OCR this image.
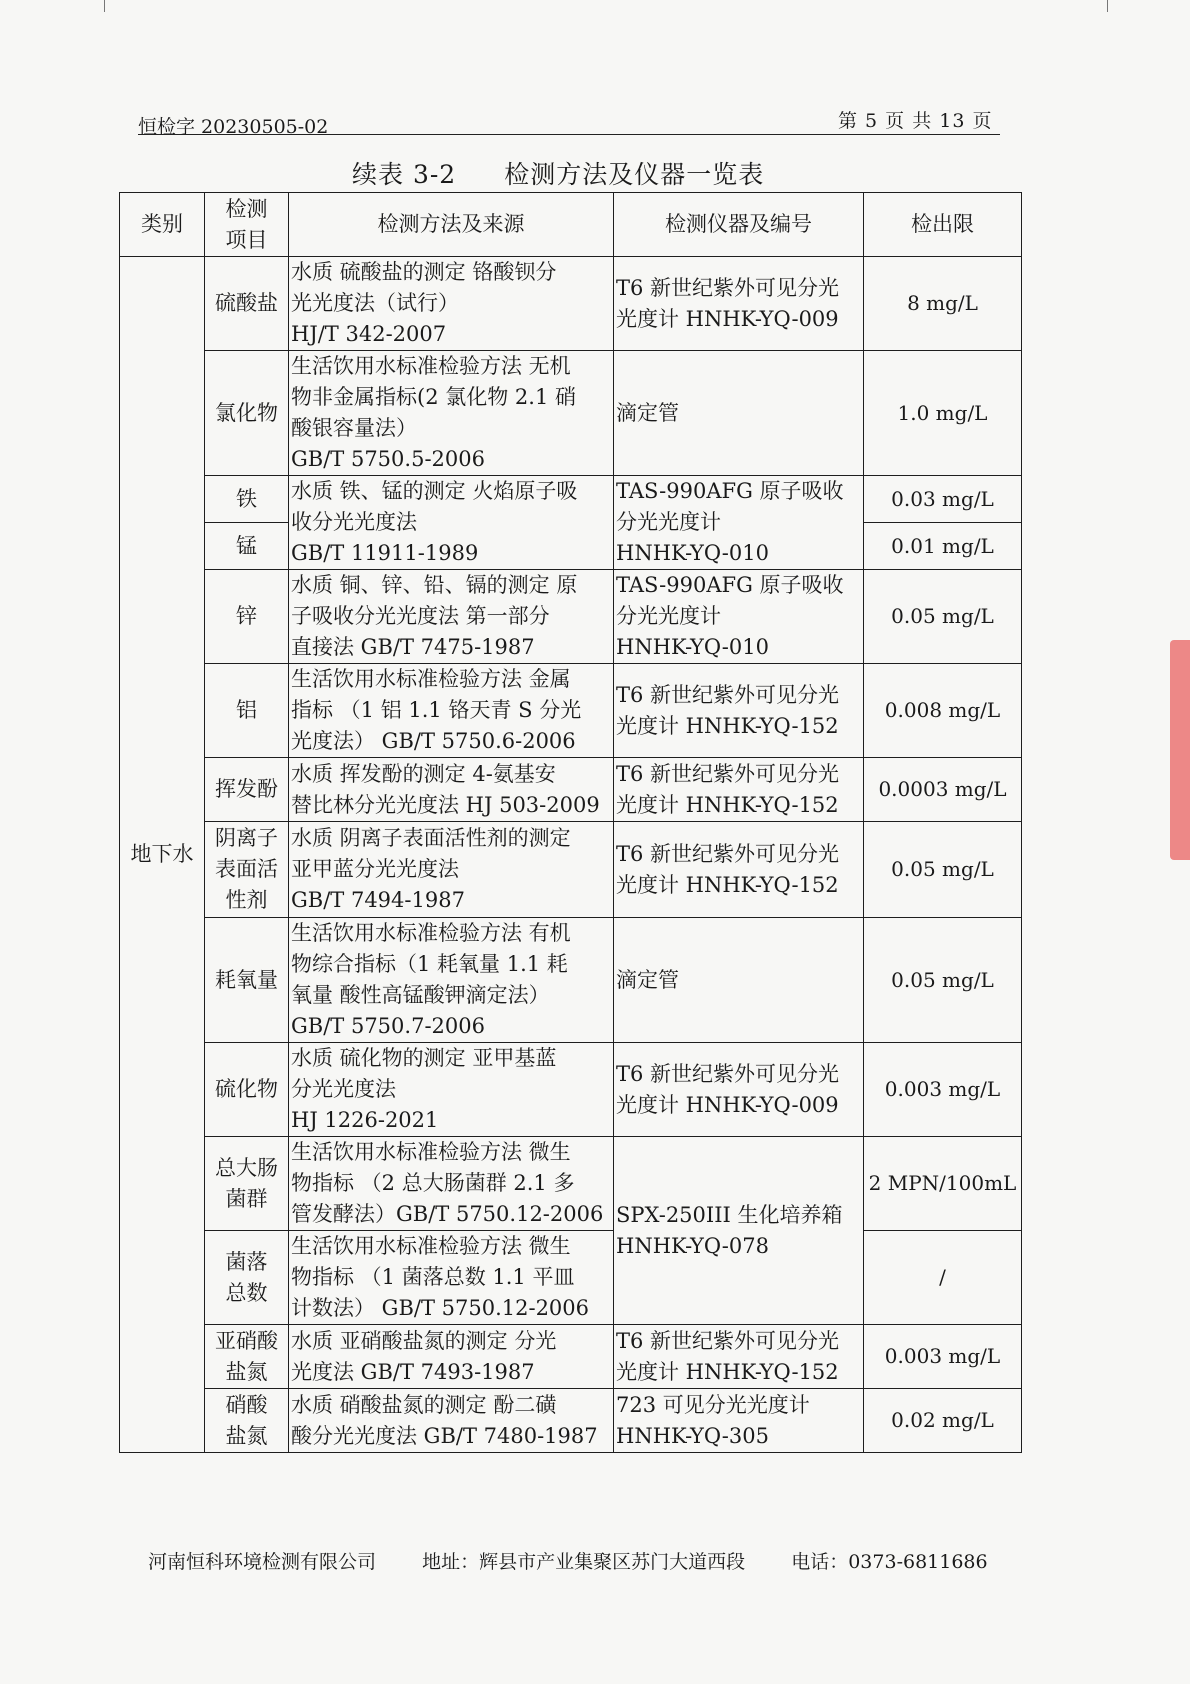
恒检字 20230505-02	第 5 页 共 13 页
续表 3-2 检测方法及仪器一览表
类别	检测
项目	检测方法及来源	检测仪器及编号	检出限
地下水	硫酸盐	水质 硫酸盐的测定 铬酸钡分
光光度法（试行）
HJ/T 342-2007	T6 新世纪紫外可见分光
光度计 HNHK-YQ-009	8 mg/L
	氯化物	生活饮用水标准检验方法 无机
物非金属指标(2 氯化物 2.1 硝
酸银容量法）
GB/T 5750.5-2006	滴定管	1.0 mg/L
	铁	水质 铁、锰的测定 火焰原子吸
收分光光度法
GB/T 11911-1989	TAS-990AFG 原子吸收
分光光度计
HNHK-YQ-010	0.03 mg/L
	锰			0.01 mg/L
	锌	水质 铜、锌、铅、镉的测定 原
子吸收分光光度法 第一部分
直接法 GB/T 7475-1987	TAS-990AFG 原子吸收
分光光度计
HNHK-YQ-010	0.05 mg/L
	铝	生活饮用水标准检验方法 金属
指标 （1 铝 1.1 铬天青 S 分光
光度法） GB/T 5750.6-2006	T6 新世纪紫外可见分光
光度计 HNHK-YQ-152	0.008 mg/L
	挥发酚	水质 挥发酚的测定 4-氨基安
替比林分光光度法 HJ 503-2009	T6 新世纪紫外可见分光
光度计 HNHK-YQ-152	0.0003 mg/L
	阴离子
表面活
性剂	水质 阴离子表面活性剂的测定
亚甲蓝分光光度法
GB/T 7494-1987	T6 新世纪紫外可见分光
光度计 HNHK-YQ-152	0.05 mg/L
	耗氧量	生活饮用水标准检验方法 有机
物综合指标（1 耗氧量 1.1 耗
氧量 酸性高锰酸钾滴定法）
GB/T 5750.7-2006	滴定管	0.05 mg/L
	硫化物	水质 硫化物的测定 亚甲基蓝
分光光度法
HJ 1226-2021	T6 新世纪紫外可见分光
光度计 HNHK-YQ-009	0.003 mg/L
	总大肠
菌群	生活饮用水标准检验方法 微生
物指标 （2 总大肠菌群 2.1 多
管发酵法）GB/T 5750.12-2006	SPX-250III 生化培养箱
HNHK-YQ-078	2 MPN/100mL
	菌落
总数	生活饮用水标准检验方法 微生
物指标 （1 菌落总数 1.1 平皿
计数法） GB/T 5750.12-2006		/
	亚硝酸
盐氮	水质 亚硝酸盐氮的测定 分光
光度法 GB/T 7493-1987	T6 新世纪紫外可见分光
光度计 HNHK-YQ-152	0.003 mg/L
	硝酸
盐氮	水质 硝酸盐氮的测定 酚二磺
酸分光光度法 GB/T 7480-1987	723 可见分光光度计
HNHK-YQ-305	0.02 mg/L
河南恒科环境检测有限公司 地址：辉县市产业集聚区苏门大道西段 电话：0373-6811686
